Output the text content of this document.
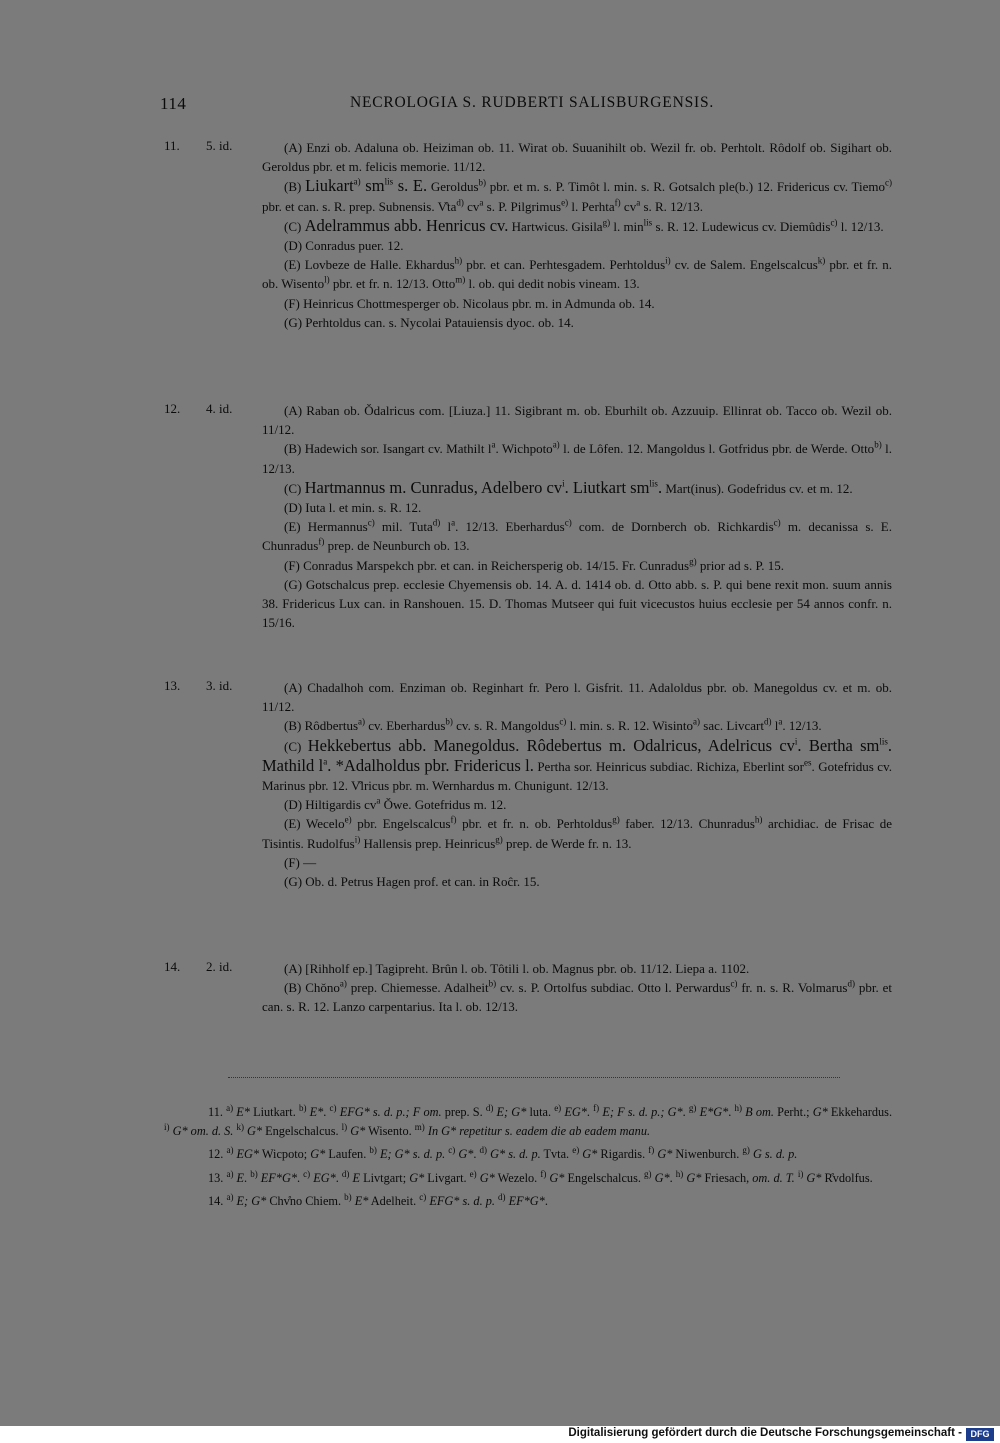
114	NECROLOGIA S. RUDBERTI SALISBURGENSIS.
11. 5. id.	(A) Enzi ob. Adaluna ob. Heiziman ob. 11. Wirat ob. Suuanihilt ob. Wezil fr. ob. Perhtolt. Rôdolf ob. Sigihart ob. Geroldus pbr. et m. felicis memorie. 11/12.
(B) Liukart$^{a)}$ $sm^{lis}$ s. E. Geroldus$^{b)}$ pbr. et m. s. P. Timôt l. min. s. R. Gotsalch ple(b.) 12. Fridericus cv. Tiemo$^{c)}$ pbr. et can. s. R. prep. Subnensis. $V̊ta^{d)}$ $cv^a$ s. P. Pilgrimus$^{e)}$ l. Perhta$^{f)}$ $cv^a$ s. R. 12/13.
(C) Adelrammus abb. Henricus cv. Hartwicus. Gisila$^{g)}$ l. $\min^{lis} s$. R. 12. Ludewicus cv. Diemûdis$^{c)}$ l. 12/13.
(D) Conradus puer. 12.
(E) Lovbeze de Halle. Ekhardus$^{h)}$ pbr. et can. Perhtesgadem. Perhtoldus$^{i)}$ cv. de Salem. Engelscalcus$^{k)}$ pbr. et fr. n. ob. Wisento$^{l)}$ pbr. et fr. n. 12/13. Otto$^{m)}$ l. ob. qui dedit nobis vineam. 13.
(F) Heinricus Chottmesperger ob. Nicolaus pbr. m. in Admunda ob. 14.
(G) Perhtoldus can. s. Nycolai Patauiensis dyoc. ob. 14.
12. 4. id.	(A) Raban ob. Ǒdalricus com. [Liuza.] 11. Sigibrant m. ob. Eburhilt ob. Azzuuip. Ellinrat ob. Tacco ob. Wezil ob. 11/12.
(B) Hadewich sor. Isangart cv. Mathilt $l^a$. Wichpoto$^{a)}$ l. de Lôfen. 12. Mangoldus l. Gotfridus pbr. de Werde. Otto$^{b)}$ l. 12/13.
(C) Hartmannus m. Cunradus, Adelbero $cv^i$. Liutkart $sm^{lis}$. Mart(inus). Godefridus cv. et m. 12.
(D) Iuta l. et min. s. R. 12.
(E) Hermannus$^{c)}$ mil. Tuta$^{d)}$ $l^a$. 12/13. Eberhardus$^{c)}$ com. de Dornberch ob. Richkardis$^{c)}$ m. decanissa s. E. Chunradus$^{f)}$ prep. de Neunburch ob. 13.
(F) Conradus Marspekch pbr. et can. in Reichersperig ob. 14/15. Fr. Cunradus$^{g)}$ prior ad s. P. 15.
(G) Gotschalcus prep. ecclesie Chyemensis ob. 14. A. d. 1414 ob. d. Otto abb. s. P. qui bene rexit mon. suum annis 38. Fridericus Lux can. in Ranshouen. 15. D. Thomas Mutseer qui fuit vicecustos huius ecclesie per 54 annos confr. n. 15/16.
13. 3. id.	(A) Chadalhoh com. Enziman ob. Reginhart fr. Pero l. Gisfrit. 11. Adaloldus pbr. ob. Manegoldus cv. et m. ob. 11/12.
(B) Rôdbertus$^{a)}$ cv. Eberhardus$^{b)}$ cv. s. R. Mangoldus$^{c)}$ l. min. s. R. 12. Wisinto$^{a)}$ sac. Livcart$^{d)}$ $l^a$. 12/13.
(C) Hekkebertus abb. Manegoldus. Rôdebertus m. Odalricus, Adelricus $cv^i$. Bertha $sm^{lis}$. Mathild $l^a$. *Adalholdus pbr. Fridericus l. Pertha sor. Heinricus subdiac. Richiza, Eberlint sor$^{es}$. Gotefridus cv. Marinus pbr. 12. V̊lricus pbr. m. Wernhardus m. Chunigunt. 12/13.
(D) Hiltigardis $cv^a$ Ǒwe. Gotefridus m. 12.
(E) Wecelo$^{e)}$ pbr. Engelscalcus$^{f)}$ pbr. et fr. n. ob. Perhtoldus$^{g)}$ faber. 12/13. Chunradus$^{h)}$ archidiac. de Frisac de Tisintis. Rudolfus$^{i)}$ Hallensis prep. Heinricus$^{g)}$ prep. de Werde fr. n. 13.
(F) —
(G) Ob. d. Petrus Hagen prof. et can. in Roĉr. 15.
14. 2. id.	(A) [Rihholf ep.] Tagipreht. Brûn l. ob. Tôtili l. ob. Magnus pbr. ob. 11/12. Liepa a. 1102.
(B) Chǒno$^{a)}$ prep. Chiemesse. Adalheit$^{b)}$ cv. s. P. Ortolfus subdiac. Otto l. Perwardus$^{c)}$ fr. n. s. R. Volmarus$^{d)}$ pbr. et can. s. R. 12. Lanzo carpentarius. Ita l. ob. 12/13.
11. $^{a)}$ E* Liutkart. $^{b)}$ E*. $^{c)}$ EFG* s. d. p.; F om. prep. S. $^{d)}$ E; G* luta. $^{e)}$ EG*. $^{f)}$ E; F s. d. p.; G*. $^{g)}$ E*G*. $^{h)}$ B om. Perht.; G* Ekkehardus. $^{i)}$ G* om. d. S. $^{k)}$ G* Engelschalcus. $^{l)}$ G* Wisento. $^{m)}$ In G* repetitur s. eadem die ab eadem manu.
12. $^{a)}$ EG* Wicpoto; G* Laufen. $^{b)}$ E; G* s. d. p. $^{c)}$ G*. $^{d)}$ G* s. d. p. Tvta. $^{e)}$ G* Rigardis. $^{f)}$ G* Niwenburch. $^{g)}$ G s. d. p.
13. $^{a)}$ E. $^{b)}$ EF*G*. $^{c)}$ EG*. $^{d)}$ E Livtgart; G* Livgart. $^{e)}$ G* Wezelo. $^{f)}$ G* Engelschalcus. $^{g)}$ G*. $^{h)}$ G* Friesach, om. d. T. $^{i)}$ G* R̊vdolfus.
14. $^{a)}$ E; G* Chv̊no Chiem. $^{b)}$ E* Adelheit. $^{c)}$ EFG* s. d. p. $^{d)}$ EF*G*.
Digitalisierung gefördert durch die Deutsche Forschungsgemeinschaft - DFG
